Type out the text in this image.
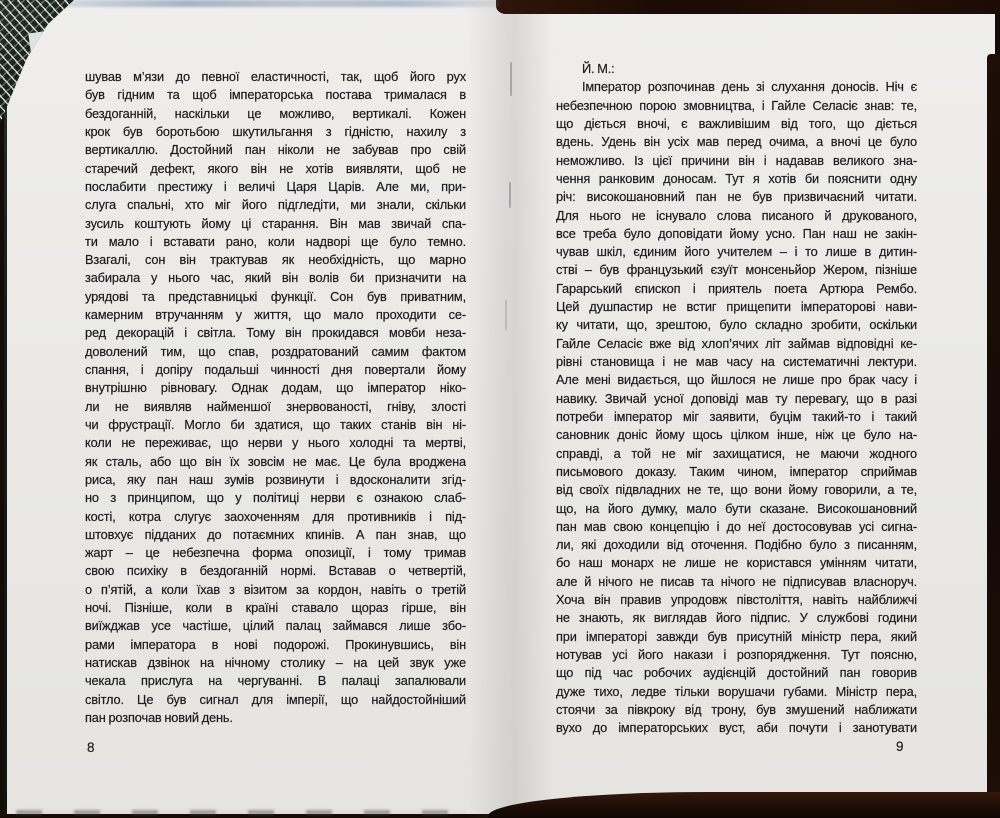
шував м’язи до певної еластичності, так, щоб його рух
був гідним та щоб імператорська постава трималася в
бездоганній, наскільки це можливо, вертикалі. Кожен
крок був боротьбою шкутильгання з гідністю, нахилу з
вертикаллю. Достойний пан ніколи не забував про свій
старечий дефект, якого він не хотів виявляти, щоб не
послабити престижу і величі Царя Царів. Але ми, при-
слуга спальні, хто міг його підгледіти, ми знали, скільки
зусиль коштують йому ці старання. Він мав звичай спа-
ти мало і вставати рано, коли надворі ще було темно.
Взагалі, сон він трактував як необхідність, що марно
забирала у нього час, який він волів би призначити на
урядові та представницькі функції. Сон був приватним,
камерним втручанням у життя, що мало проходити се-
ред декорацій і світла. Тому він прокидався мовби неза-
доволений тим, що спав, роздратований самим фактом
спання, і допіру подальші чинності дня повертали йому
внутрішню рівновагу. Однак додам, що імператор ніко-
ли не виявляв найменшої знервованості, гніву, злості
чи фрустрації. Могло би здатися, що таких станів він ні-
коли не переживає, що нерви у нього холодні та мертві,
як сталь, або що він їх зовсім не має. Це була вроджена
риса, яку пан наш зумів розвинути і вдосконалити згід-
но з принципом, що у політиці нерви є ознакою слаб-
кості, котра слугує заохоченням для противників і під-
штовхує підданих до потаємних кпинів. А пан знав, що
жарт – це небезпечна форма опозиції, і тому тримав
свою психіку в бездоганній нормі. Вставав о четвертій,
о п’ятій, а коли їхав з візитом за кордон, навіть о третій
ночі. Пізніше, коли в країні ставало щораз гірше, він
виїжджав усе частіше, цілий палац займався лише збо-
рами імператора в нові подорожі. Прокинувшись, він
натискав дзвінок на нічному столику – на цей звук уже
чекала прислуга на чергуванні. В палаці запалювали
світло. Це був сигнал для імперії, що найдостойніший
пан розпочав новий день.
Й. М.:
Імператор розпочинав день зі слухання доносів. Ніч є
небезпечною порою змовництва, і Гайле Селасіє знав: те,
що діється вночі, є важливішим від того, що діється
вдень. Удень він усіх мав перед очима, а вночі це було
неможливо. Із цієї причини він і надавав великого зна-
чення ранковим доносам. Тут я хотів би пояснити одну
річ: високошановний пан не був призвичаєний читати.
Для нього не існувало слова писаного й друкованого,
все треба було доповідати йому усно. Пан наш не закін-
чував шкіл, єдиним його учителем – і то лише в дитин-
стві – був французький єзуїт монсеньйор Жером, пізніше
Гарарський єпископ і приятель поета Артюра Рембо.
Цей душпастир не встиг прищепити імператорові нави-
ку читати, що, зрештою, було складно зробити, оскільки
Гайле Селасіє вже від хлоп’ячих літ займав відповідні ке-
рівні становища і не мав часу на систематичні лектури.
Але мені видається, що йшлося не лише про брак часу і
навику. Звичай усної доповіді мав ту перевагу, що в разі
потреби імператор міг заявити, буцім такий-то і такий
сановник доніс йому щось цілком інше, ніж це було на-
справді, а той не міг захищатися, не маючи жодного
письмового доказу. Таким чином, імператор сприймав
від своїх підвладних не те, що вони йому говорили, а те,
що, на його думку, мало бути сказане. Високошановний
пан мав свою концепцію і до неї достосовував усі сигна-
ли, які доходили від оточення. Подібно було з писанням,
бо наш монарх не лише не користався умінням читати,
але й нічого не писав та нічого не підписував власноруч.
Хоча він правив упродовж півстоліття, навіть найближчі
не знають, як виглядав його підпис. У службові години
при імператорі завжди був присутній міністр пера, який
нотував усі його накази і розпорядження. Тут поясню,
що під час робочих аудієнцій достойний пан говорив
дуже тихо, ледве тільки ворушачи губами. Міністр пера,
стоячи за півкроку від трону, був змушений наближати
вухо до імператорських вуст, аби почути і занотувати
8	9
